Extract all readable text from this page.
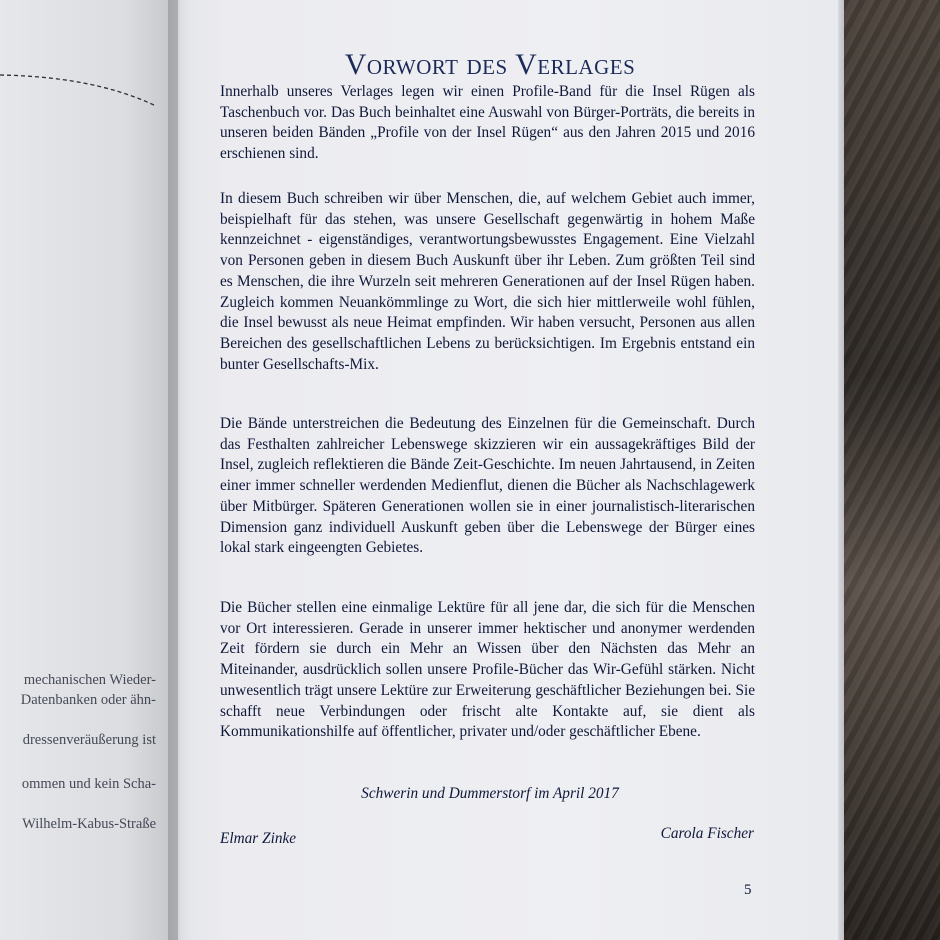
mechanischen Wieder-
Datenbanken oder ähn-
dressenveräußerung ist
ommen und kein Scha-
Wilhelm-Kabus-Straße
Vorwort des Verlages

Innerhalb unseres Verlages legen wir einen Profile-Band für die Insel Rügen als Taschenbuch vor. Das Buch beinhaltet eine Auswahl von Bürger-Porträts, die bereits in unseren beiden Bänden „Profile von der Insel Rügen“ aus den Jahren 2015 und 2016 erschienen sind.

In diesem Buch schreiben wir über Menschen, die, auf welchem Gebiet auch immer, beispielhaft für das stehen, was unsere Gesellschaft gegenwärtig in hohem Maße kennzeichnet - eigenständiges, verantwortungsbewusstes Engagement. Eine Vielzahl von Personen geben in diesem Buch Auskunft über ihr Leben. Zum größten Teil sind es Menschen, die ihre Wurzeln seit mehreren Generationen auf der Insel Rügen haben. Zugleich kommen Neuankömmlinge zu Wort, die sich hier mittlerweile wohl fühlen, die Insel bewusst als neue Heimat empfinden. Wir haben versucht, Personen aus allen Bereichen des gesellschaftlichen Lebens zu berücksichtigen. Im Ergebnis entstand ein bunter Gesellschafts-Mix.

Die Bände unterstreichen die Bedeutung des Einzelnen für die Gemeinschaft. Durch das Festhalten zahlreicher Lebenswege skizzieren wir ein aussagekräftiges Bild der Insel, zugleich reflektieren die Bände Zeit-Geschichte. Im neuen Jahrtausend, in Zeiten einer immer schneller werdenden Medienflut, dienen die Bücher als Nachschlagewerk über Mitbürger. Späteren Generationen wollen sie in einer journalistisch-literarischen Dimension ganz individuell Auskunft geben über die Lebenswege der Bürger eines lokal stark eingeengten Gebietes.

Die Bücher stellen eine einmalige Lektüre für all jene dar, die sich für die Menschen vor Ort interessieren. Gerade in unserer immer hektischer und anonymer werdenden Zeit fördern sie durch ein Mehr an Wissen über den Nächsten das Mehr an Miteinander, ausdrücklich sollen unsere Profile-Bücher das Wir-Gefühl stärken. Nicht unwesentlich trägt unsere Lektüre zur Erweiterung geschäftlicher Beziehungen bei. Sie schafft neue Verbindungen oder frischt alte Kontakte auf, sie dient als Kommunikationshilfe auf öffentlicher, privater und/oder geschäftlicher Ebene.

Schwerin und Dummerstorf im April 2017
Elmar Zinke	Carola Fischer
5
